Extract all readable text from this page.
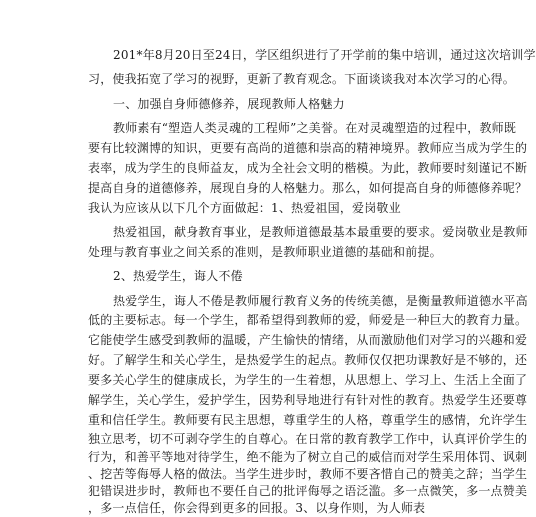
201*年8月20日至24日，学区组织进行了开学前的集中培训，通过这次培训学
习，使我拓宽了学习的视野，更新了教育观念。下面谈谈我对本次学习的心得。
一、加强自身师德修养，展现教师人格魅力
教师素有“塑造人类灵魂的工程师”之美誉。在对灵魂塑造的过程中，教师既
要有比较渊博的知识，更要有高尚的道德和崇高的精神境界。教师应当成为学生的
表率，成为学生的良师益友，成为全社会文明的楷模。为此，教师要时刻谨记不断
提高自身的道德修养，展现自身的人格魅力。那么，如何提高自身的师德修养呢？
我认为应该从以下几个方面做起：1、热爱祖国，爱岗敬业
热爱祖国，献身教育事业，是教师道德最基本最重要的要求。爱岗敬业是教师
处理与教育事业之间关系的准则，是教师职业道德的基础和前提。
2、热爱学生，诲人不倦
热爱学生，诲人不倦是教师履行教育义务的传统美德，是衡量教师道德水平高
低的主要标志。每一个学生，都希望得到教师的爱，师爱是一种巨大的教育力量。
它能使学生感受到教师的温暖，产生愉快的情绪，从而激励他们对学习的兴趣和爱
好。了解学生和关心学生，是热爱学生的起点。教师仅仅把功课教好是不够的，还
要多关心学生的健康成长，为学生的一生着想，从思想上、学习上、生活上全面了
解学生，关心学生，爱护学生，因势利导地进行有针对性的教育。热爱学生还要尊
重和信任学生。教师要有民主思想，尊重学生的人格，尊重学生的感情，允许学生
独立思考，切不可剥夺学生的自尊心。在日常的教育教学工作中，认真评价学生的
行为，和善平等地对待学生，绝不能为了树立自己的威信而对学生采用体罚、讽刺
、挖苦等侮辱人格的做法。当学生进步时，教师不要吝惜自己的赞美之辞；当学生
犯错误进步时，教师也不要任自己的批评侮辱之语泛滥。多一点微笑，多一点赞美
，多一点信任，你会得到更多的回报。3、以身作则，为人师表
